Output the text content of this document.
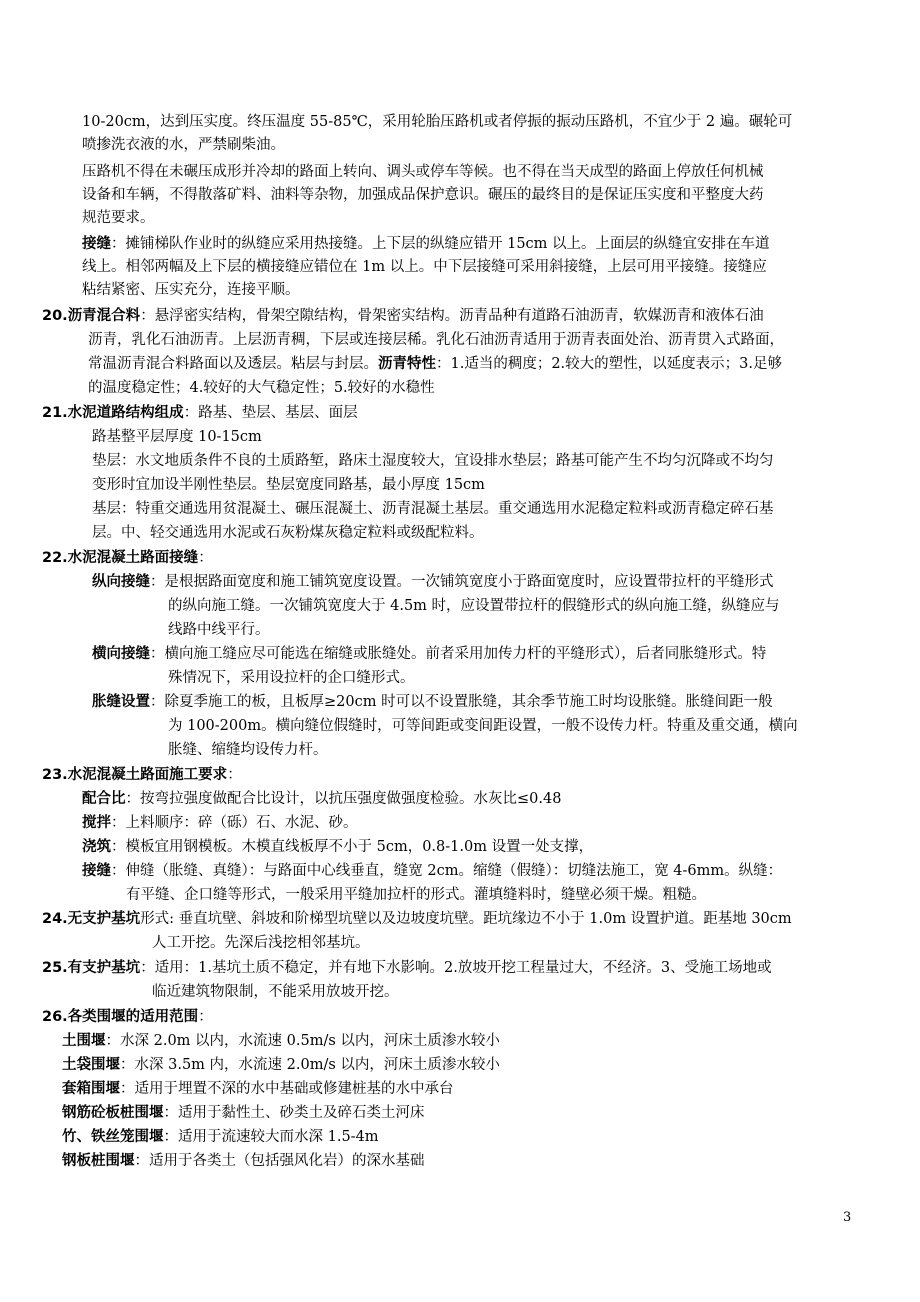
10-20cm，达到压实度。终压温度 55-85℃，采用轮胎压路机或者停振的振动压路机，不宜少于 2 遍。碾轮可
喷掺洗衣液的水，严禁刷柴油。
压路机不得在未碾压成形并冷却的路面上转向、调头或停车等候。也不得在当天成型的路面上停放任何机械
设备和车辆，不得散落矿料、油料等杂物，加强成品保护意识。碾压的最终目的是保证压实度和平整度大药
规范要求。
接缝：摊铺梯队作业时的纵缝应采用热接缝。上下层的纵缝应错开 15cm 以上。上面层的纵缝宜安排在车道
线上。相邻两幅及上下层的横接缝应错位在 1m 以上。中下层接缝可采用斜接缝，上层可用平接缝。接缝应
粘结紧密、压实充分，连接平顺。
20.沥青混合料：悬浮密实结构，骨架空隙结构，骨架密实结构。沥青品种有道路石油沥青，软媒沥青和液体石油
沥青，乳化石油沥青。上层沥青稠，下层或连接层稀。乳化石油沥青适用于沥青表面处治、沥青贯入式路面，
常温沥青混合料路面以及透层。粘层与封层。沥青特性：1.适当的稠度；2.较大的塑性，以延度表示；3.足够
的温度稳定性；4.较好的大气稳定性；5.较好的水稳性
21.水泥道路结构组成：路基、垫层、基层、面层
路基整平层厚度 10-15cm
垫层：水文地质条件不良的土质路堑，路床土湿度较大，宜设排水垫层；路基可能产生不均匀沉降或不均匀
变形时宜加设半刚性垫层。垫层宽度同路基，最小厚度 15cm
基层：特重交通选用贫混凝土、碾压混凝土、沥青混凝土基层。重交通选用水泥稳定粒料或沥青稳定碎石基
层。中、轻交通选用水泥或石灰粉煤灰稳定粒料或级配粒料。
22.水泥混凝土路面接缝：
纵向接缝：是根据路面宽度和施工铺筑宽度设置。一次铺筑宽度小于路面宽度时，应设置带拉杆的平缝形式
的纵向施工缝。一次铺筑宽度大于 4.5m 时，应设置带拉杆的假缝形式的纵向施工缝，纵缝应与
线路中线平行。
横向接缝：横向施工缝应尽可能选在缩缝或胀缝处。前者采用加传力杆的平缝形式），后者同胀缝形式。特
殊情况下，采用设拉杆的企口缝形式。
胀缝设置：除夏季施工的板，且板厚≥20cm 时可以不设置胀缝，其余季节施工时均设胀缝。胀缝间距一般
为 100-200m。横向缝位假缝时，可等间距或变间距设置，一般不设传力杆。特重及重交通，横向
胀缝、缩缝均设传力杆。
23.水泥混凝土路面施工要求：
配合比：按弯拉强度做配合比设计，以抗压强度做强度检验。水灰比≤0.48
搅拌：上料顺序：碎（砾）石、水泥、砂。
浇筑：模板宜用钢模板。木模直线板厚不小于 5cm，0.8-1.0m 设置一处支撑，
接缝：伸缝（胀缝、真缝）：与路面中心线垂直，缝宽 2cm。缩缝（假缝）：切缝法施工，宽 4-6mm。纵缝：
有平缝、企口缝等形式，一般采用平缝加拉杆的形式。灌填缝料时，缝壁必须干燥。粗糙。
24.无支护基坑形式: 垂直坑壁、斜坡和阶梯型坑壁以及边坡度坑壁。距坑缘边不小于 1.0m 设置护道。距基地 30cm
人工开挖。先深后浅挖相邻基坑。
25.有支护基坑：适用：1.基坑土质不稳定，并有地下水影响。2.放坡开挖工程量过大，不经济。3、受施工场地或
临近建筑物限制，不能采用放坡开挖。
26.各类围堰的适用范围：
土围堰：水深 2.0m 以内，水流速 0.5m/s 以内，河床土质渗水较小
土袋围堰：水深 3.5m 内，水流速 2.0m/s 以内，河床土质渗水较小
套箱围堰：适用于埋置不深的水中基础或修建桩基的水中承台
钢筋砼板桩围堰：适用于黏性土、砂类土及碎石类土河床
竹、铁丝笼围堰：适用于流速较大而水深 1.5-4m
钢板桩围堰：适用于各类土（包括强风化岩）的深水基础
3
